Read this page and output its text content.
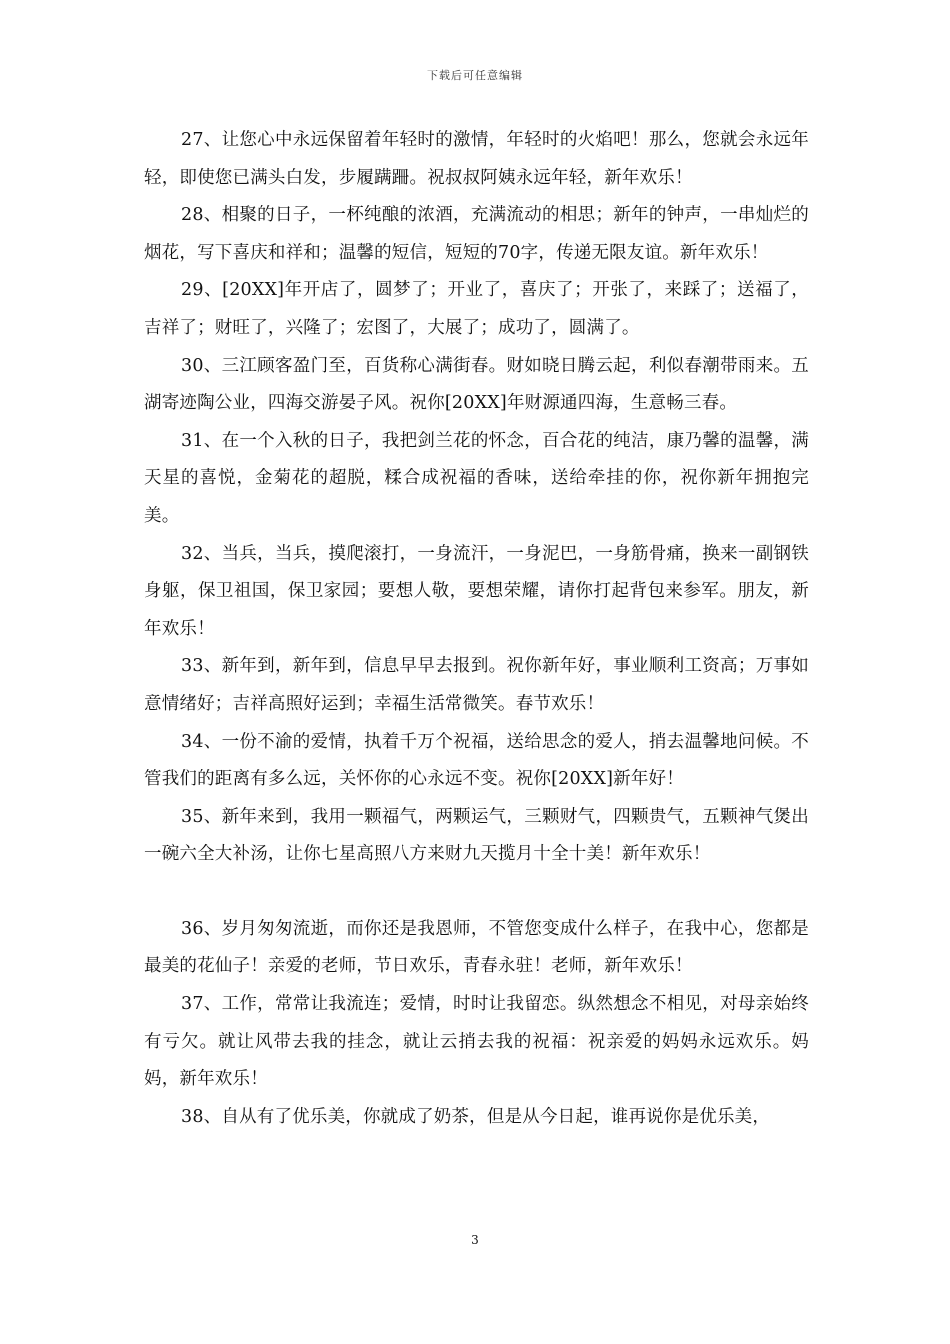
下载后可任意编辑

27、让您心中永远保留着年轻时的激情，年轻时的火焰吧！那么，您就会永远年轻，即使您已满头白发，步履蹒跚。祝叔叔阿姨永远年轻，新年欢乐！

28、相聚的日子，一杯纯酿的浓酒，充满流动的相思；新年的钟声，一串灿烂的烟花，写下喜庆和祥和；温馨的短信，短短的70字，传递无限友谊。新年欢乐！

29、[20XX]年开店了，圆梦了；开业了，喜庆了；开张了，来踩了；送福了，吉祥了；财旺了，兴隆了；宏图了，大展了；成功了，圆满了。

30、三江顾客盈门至，百货称心满街春。财如晓日腾云起，利似春潮带雨来。五湖寄迹陶公业，四海交游晏子风。祝你[20XX]年财源通四海，生意畅三春。

31、在一个入秋的日子，我把剑兰花的怀念，百合花的纯洁，康乃馨的温馨，满天星的喜悦，金菊花的超脱，糅合成祝福的香味，送给牵挂的你，祝你新年拥抱完美。

32、当兵，当兵，摸爬滚打，一身流汗，一身泥巴，一身筋骨痛，换来一副钢铁身躯，保卫祖国，保卫家园；要想人敬，要想荣耀，请你打起背包来参军。朋友，新年欢乐！

33、新年到，新年到，信息早早去报到。祝你新年好，事业顺利工资高；万事如意情绪好；吉祥高照好运到；幸福生活常微笑。春节欢乐！

34、一份不渝的爱情，执着千万个祝福，送给思念的爱人，捎去温馨地问候。不管我们的距离有多么远，关怀你的心永远不变。祝你[20XX]新年好！

35、新年来到，我用一颗福气，两颗运气，三颗财气，四颗贵气，五颗神气煲出一碗六全大补汤，让你七星高照八方来财九天揽月十全十美！新年欢乐！

36、岁月匆匆流逝，而你还是我恩师，不管您变成什么样子，在我中心，您都是最美的花仙子！亲爱的老师，节日欢乐，青春永驻！老师，新年欢乐！

37、工作，常常让我流连；爱情，时时让我留恋。纵然想念不相见，对母亲始终有亏欠。就让风带去我的挂念，就让云捎去我的祝福：祝亲爱的妈妈永远欢乐。妈妈，新年欢乐！

38、自从有了优乐美，你就成了奶茶，但是从今日起，谁再说你是优乐美，

3
